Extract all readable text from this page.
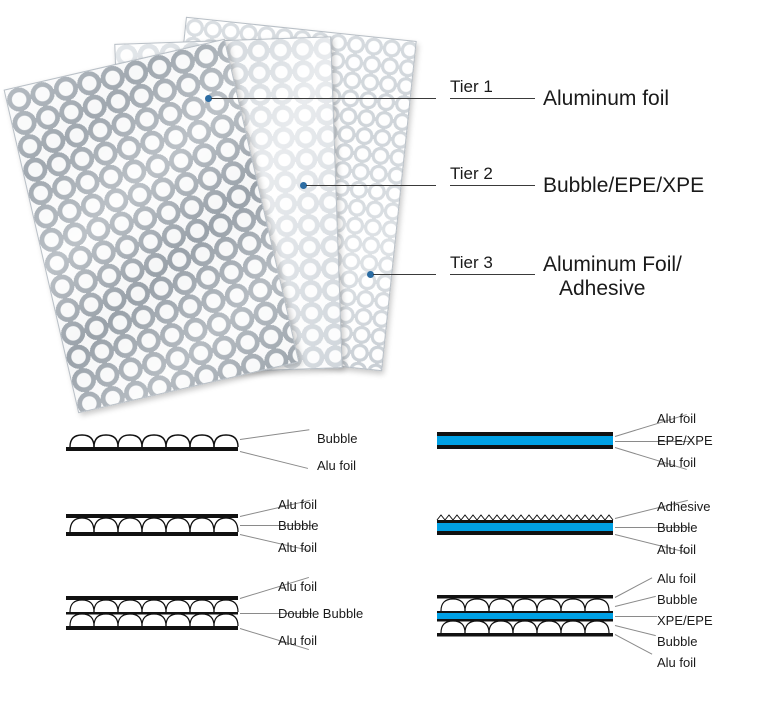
Tier 1
Aluminum foil
Tier 2
Bubble/EPE/XPE
Tier 3 Aluminum Foil/
Adhesive
Bubble
Alu foil
Alu foil
EPE/XPE
Alu foil
Alu foil
Bubble
Alu foil
Adhesive
Bubble
Alu foil
Alu foil
Double Bubble
Alu foil
Alu foil
Bubble
XPE/EPE
Bubble
Alu foil
